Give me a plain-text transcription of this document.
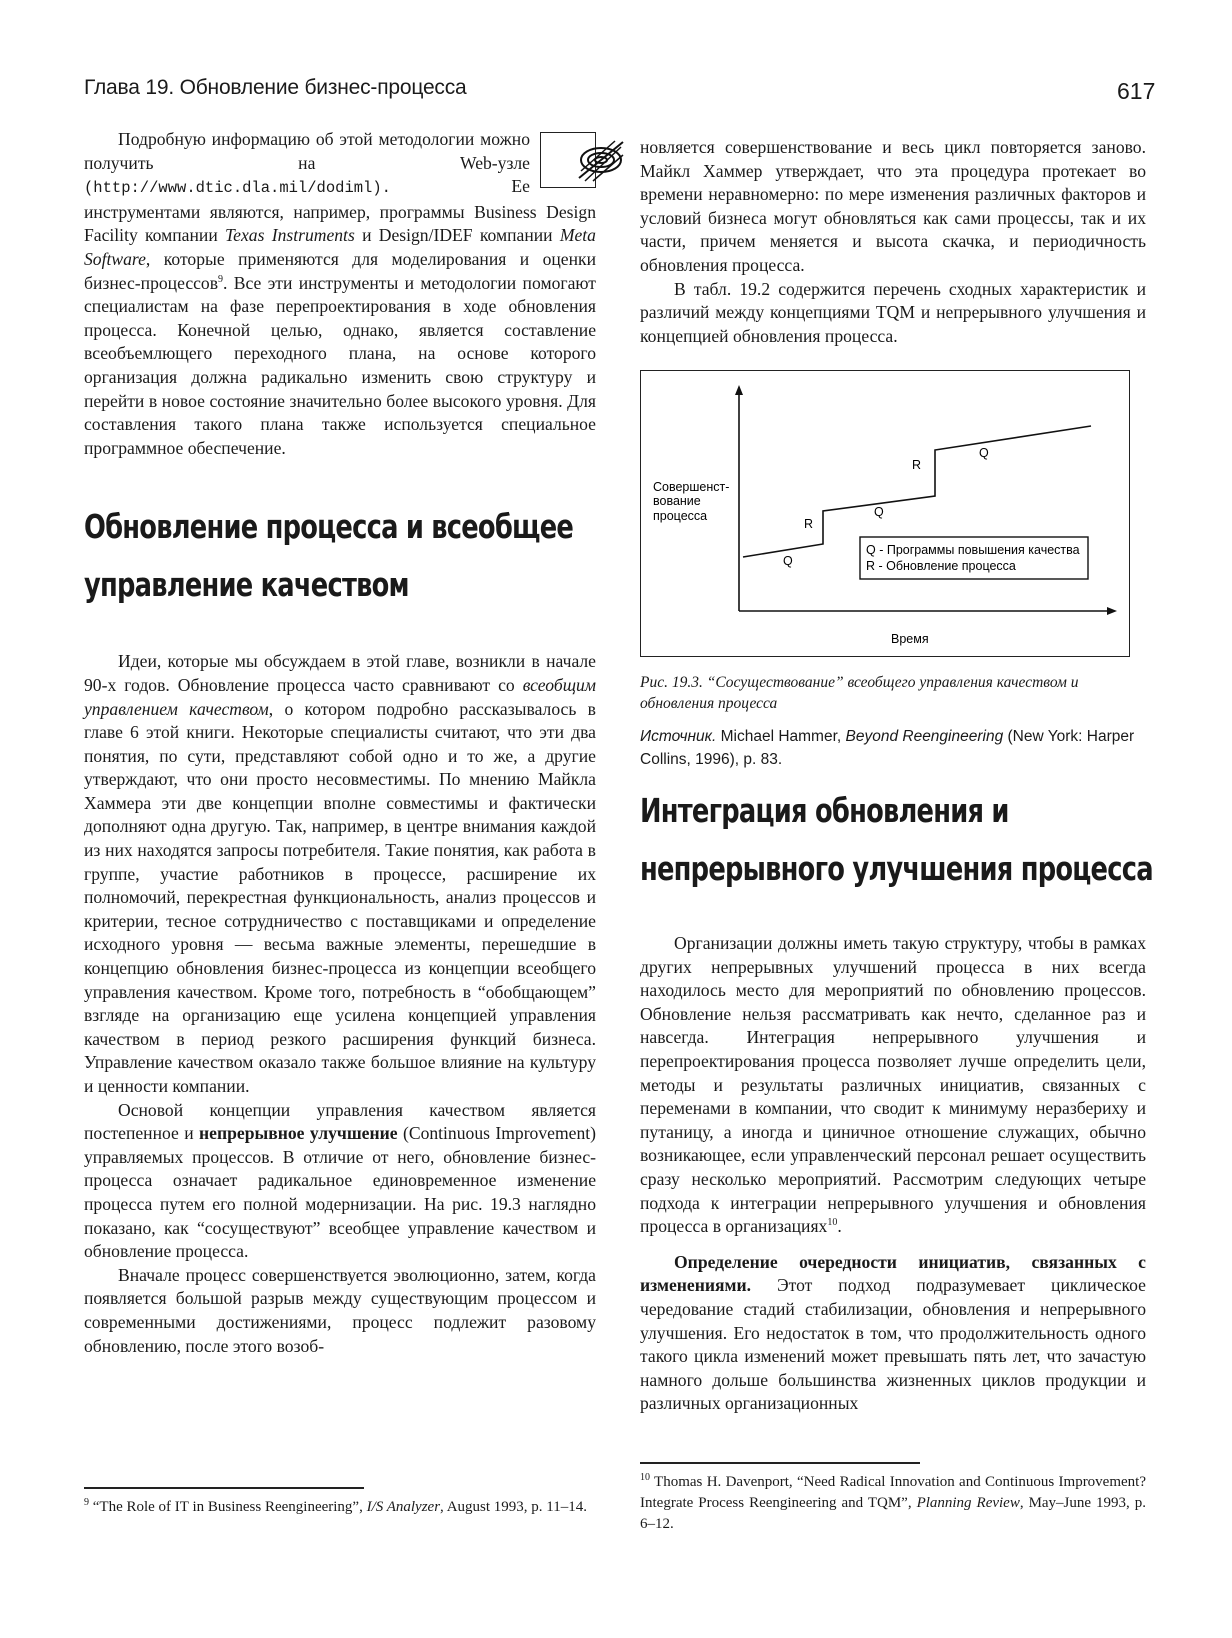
Глава 19. Обновление бизнес-процесса	617

Подробную информацию об этой методологии можно получить на Web-узле (http://www.dtic.dla.mil/dodiml). Ее инструментами являются, например, программы Business Design Facility компании Texas Instruments и Design/IDEF компании Meta Software, которые применяются для моделирования и оценки бизнес-процессов$^9$. Все эти инструменты и методологии помогают специалистам на фазе перепроектирования в ходе обновления процесса. Конечной целью, однако, является составление всеобъемлющего переходного плана, на основе которого организация должна радикально изменить свою структуру и перейти в новое состояние значительно более высокого уровня. Для составления такого плана также используется специальное программное обеспечение.

Обновление процесса и всеобщее
управление качеством

Идеи, которые мы обсуждаем в этой главе, возникли в начале 90-х годов. Обновление процесса часто сравнивают со всеобщим управлением качеством, о котором подробно рассказывалось в главе 6 этой книги. Некоторые специалисты считают, что эти два понятия, по сути, представляют собой одно и то же, а другие утверждают, что они просто несовместимы. По мнению Майкла Хаммера эти две концепции вполне совместимы и фактически дополняют одна другую. Так, например, в центре внимания каждой из них находятся запросы потребителя. Такие понятия, как работа в группе, участие работников в процессе, расширение их полномочий, перекрестная функциональность, анализ процессов и критерии, тесное сотрудничество с поставщиками и определение исходного уровня — весьма важные элементы, перешедшие в концепцию обновления бизнес-процесса из концепции всеобщего управления качеством. Кроме того, потребность в “обобщающем” взгляде на организацию еще усилена концепцией управления качеством в период резкого расширения функций бизнеса. Управление качеством оказало также большое влияние на культуру и ценности компании.

Основой концепции управления качеством является постепенное и непрерывное улучшение (Continuous Improvement) управляемых процессов. В отличие от него, обновление бизнес-процесса означает радикальное единовременное изменение процесса путем его полной модернизации. На рис. 19.3 наглядно показано, как “сосуществуют” всеобщее управление качеством и обновление процесса.

Вначале процесс совершенствуется эволюционно, затем, когда появляется большой разрыв между существующим процессом и современными достижениями, процесс подлежит разовому обновлению, после этого возоб-

новляется совершенствование и весь цикл повторяется заново. Майкл Хаммер утверждает, что эта процедура протекает во времени неравномерно: по мере изменения различных факторов и условий бизнеса могут обновляться как сами процессы, так и их части, причем меняется и высота скачка, и периодичность обновления процесса.

В табл. 19.2 содержится перечень сходных характеристик и различий между концепциями TQM и непрерывного улучшения и концепцией обновления процесса.

Совершенст-
вование
процесса
Время
Q
R
Q
R
Q
Q - Программы повышения качества
R - Обновление процесса
Рис. 19.3. “Сосуществование” всеобщего управления качеством и обновления процесса
Источник. Michael Hammer, Beyond Reengineering (New York: Harper Collins, 1996), p. 83.
Интеграция обновления и
непрерывного улучшения процесса

Организации должны иметь такую структуру, чтобы в рамках других непрерывных улучшений процесса в них всегда находилось место для мероприятий по обновлению процессов. Обновление нельзя рассматривать как нечто, сделанное раз и навсегда. Интеграция непрерывного улучшения и перепроектирования процесса позволяет лучше определить цели, методы и результаты различных инициатив, связанных с переменами в компании, что сводит к минимуму неразбериху и путаницу, а иногда и циничное отношение служащих, обычно возникающее, если управленческий персонал решает осуществить сразу несколько мероприятий. Рассмотрим следующих четыре подхода к интеграции непрерывного улучшения и обновления процесса в организациях$^{10}$.

Определение очередности инициатив, связанных с изменениями. Этот подход подразумевает циклическое чередование стадий стабилизации, обновления и непрерывного улучшения. Его недостаток в том, что продолжительность одного такого цикла изменений может превышать пять лет, что зачастую намного дольше большинства жизненных циклов продукции и различных организационных

$^9$ “The Role of IT in Business Reengineering”, I/S Analyzer, August 1993, p. 11–14.
$^{10}$ Thomas H. Davenport, “Need Radical Innovation and Continuous Improvement? Integrate Process Reengineering and TQM”, Planning Review, May–June 1993, p. 6–12.
